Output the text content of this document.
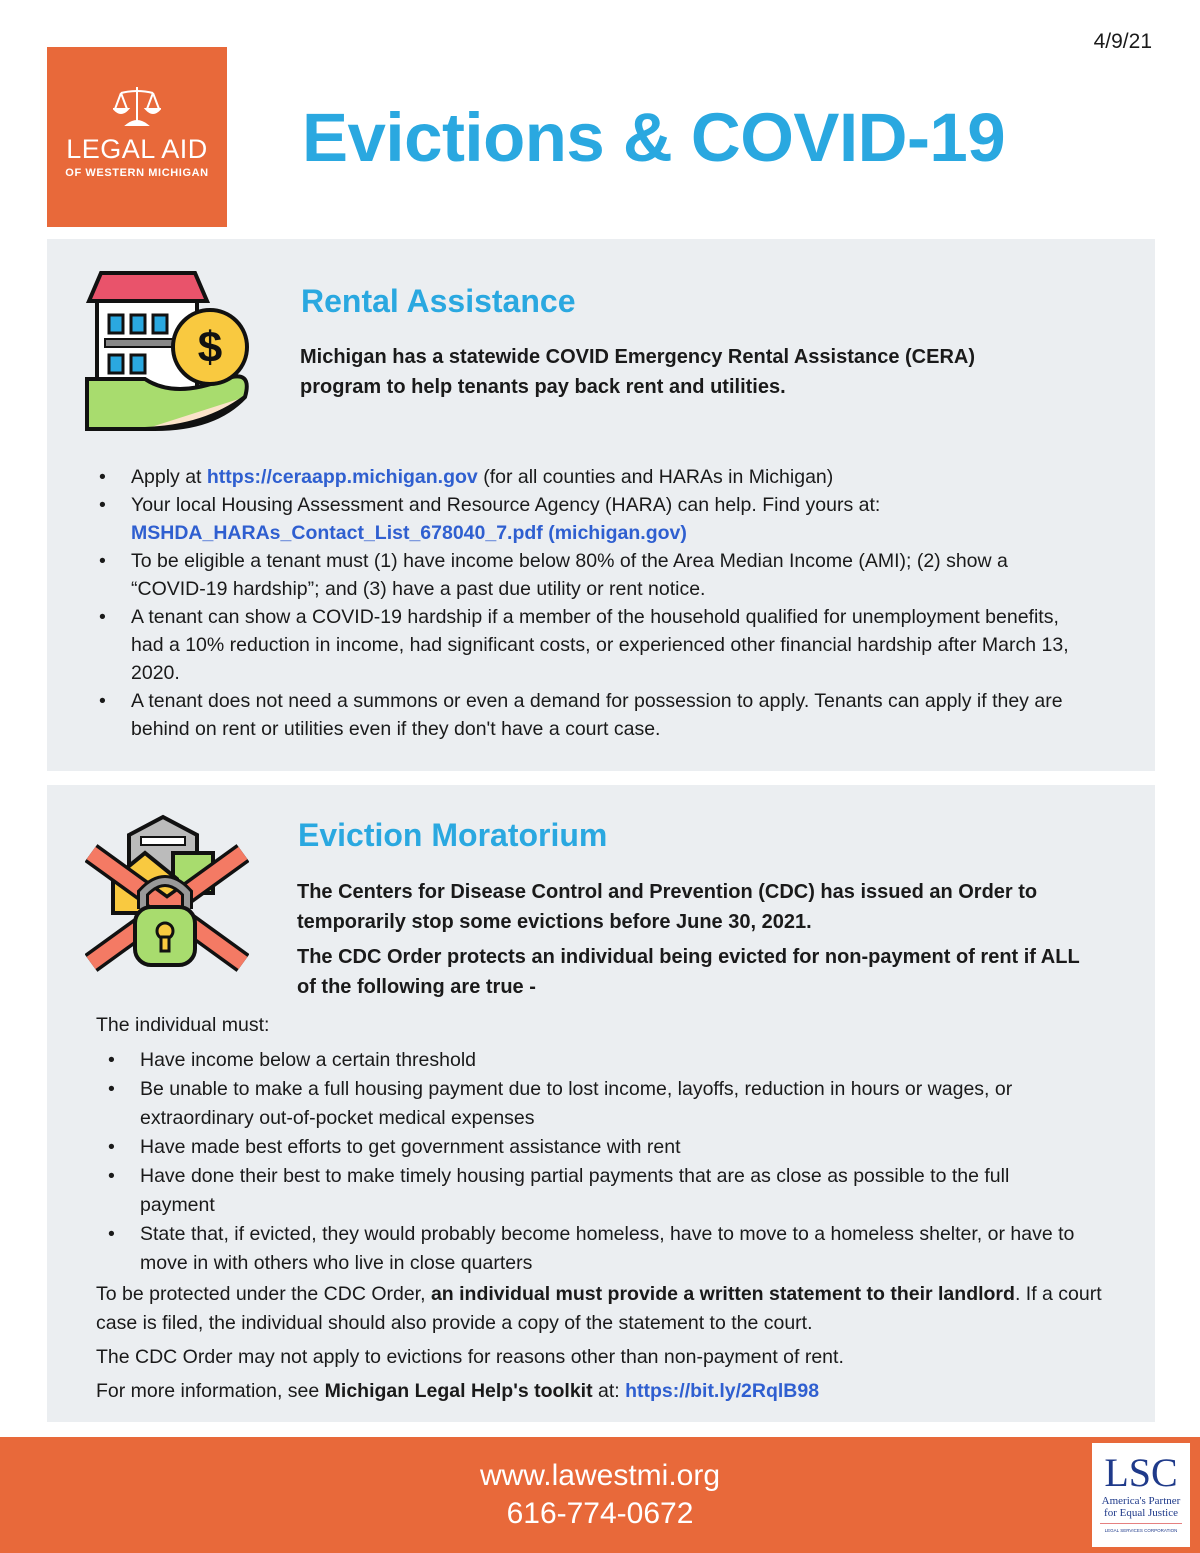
4/9/21
LEGAL AID
OF WESTERN MICHIGAN Evictions & COVID-19
$
Rental Assistance
Michigan has a statewide COVID Emergency Rental Assistance (CERA) program to help tenants pay back rent and utilities.
• Apply at https://ceraapp.michigan.gov (for all counties and HARAs in Michigan)
• Your local Housing Assessment and Resource Agency (HARA) can help. Find yours at:
MSHDA_HARAs_Contact_List_678040_7.pdf (michigan.gov)
• To be eligible a tenant must (1) have income below 80% of the Area Median Income (AMI); (2) show a “COVID-19 hardship”; and (3) have a past due utility or rent notice.
• A tenant can show a COVID-19 hardship if a member of the household qualified for unemployment benefits, had a 10% reduction in income, had significant costs, or experienced other financial hardship after March 13, 2020.
• A tenant does not need a summons or even a demand for possession to apply. Tenants can apply if they are behind on rent or utilities even if they don't have a court case.
Eviction Moratorium
The Centers for Disease Control and Prevention (CDC) has issued an Order to temporarily stop some evictions before June 30, 2021.
The CDC Order protects an individual being evicted for non-payment of rent if ALL of the following are true -
The individual must:
• Have income below a certain threshold
• Be unable to make a full housing payment due to lost income, layoffs, reduction in hours or wages, or extraordinary out-of-pocket medical expenses
• Have made best efforts to get government assistance with rent
• Have done their best to make timely housing partial payments that are as close as possible to the full payment
• State that, if evicted, they would probably become homeless, have to move to a homeless shelter, or have to move in with others who live in close quarters
To be protected under the CDC Order, an individual must provide a written statement to their landlord. If a court case is filed, the individual should also provide a copy of the statement to the court.
The CDC Order may not apply to evictions for reasons other than non-payment of rent.
For more information, see Michigan Legal Help's toolkit at: https://bit.ly/2RqlB98
www.lawestmi.org
616-774-0672
LSC
America's Partner
for Equal Justice
LEGAL SERVICES CORPORATION
